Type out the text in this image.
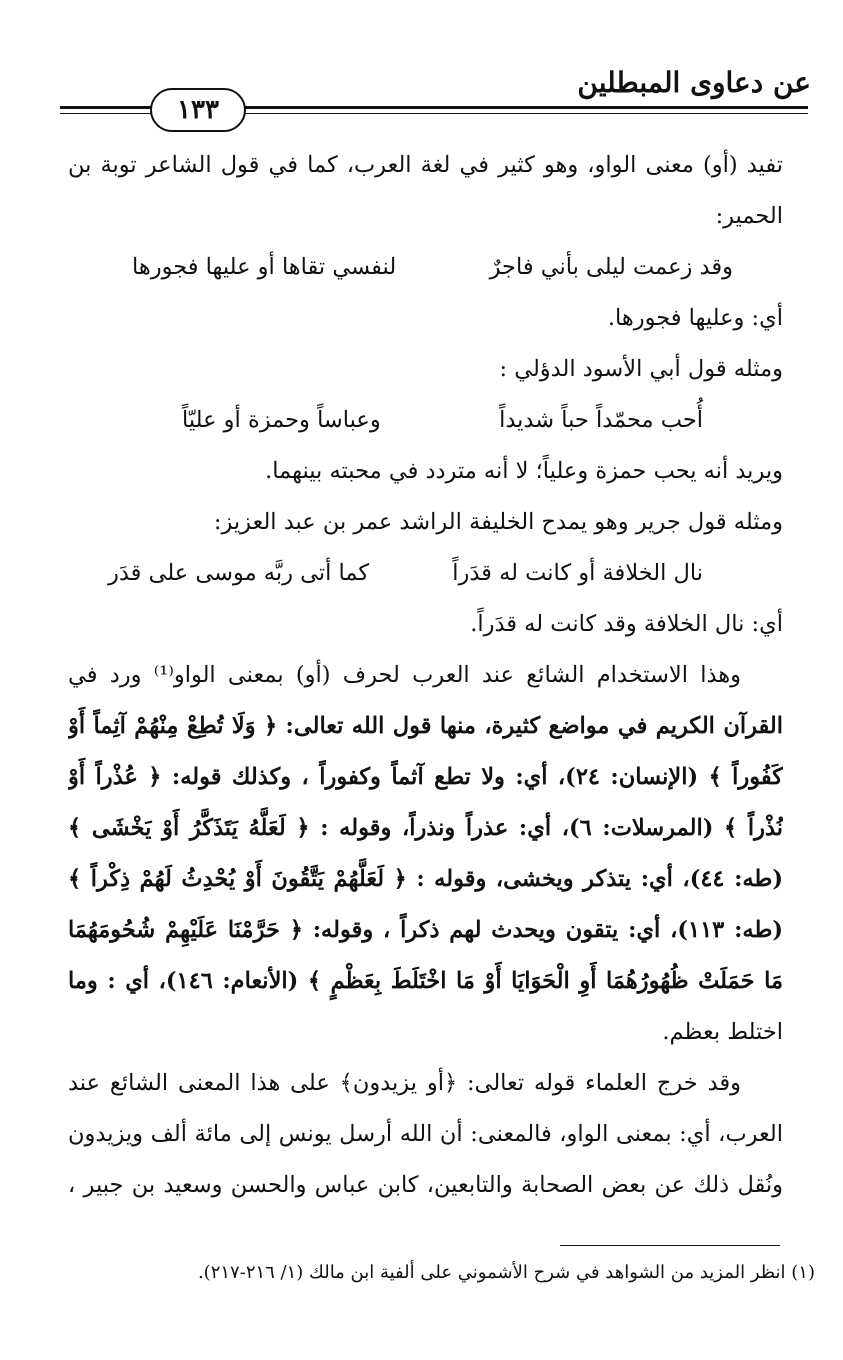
عن دعاوى المبطلين
١٣٣
تفيد (أو) معنى الواو، وهو كثير في لغة العرب، كما في قول الشاعر توبة بن
الحمير:
وقد زعمت ليلى بأني فاجرٌ
لنفسي تقاها أو عليها فجورها
أي: وعليها فجورها.
ومثله قول أبي الأسود الدؤلي :
أُحب محمّداً حباً شديداً
وعباساً وحمزة أو عليّاً
ويريد أنه يحب حمزة وعلياً؛ لا أنه متردد في محبته بينهما.
ومثله قول جرير وهو يمدح الخليفة الراشد عمر بن عبد العزيز:
نال الخلافة أو كانت له قدَراً
كما أتى ربَّه موسى على قدَر
أي: نال الخلافة وقد كانت له قدَراً.
وهذا الاستخدام الشائع عند العرب لحرف (أو) بمعنى الواو⁽¹⁾ ورد في
القرآن الكريم في مواضع كثيرة، منها قول الله تعالى: ﴿ وَلَا تُطِعْ مِنْهُمْ آثِماً أَوْ
كَفُوراً ﴾ (الإنسان: ٢٤)، أي: ولا تطع آثماً وكفوراً ، وكذلك قوله: ﴿ عُذْراً أَوْ
نُذْراً ﴾ (المرسلات: ٦)، أي: عذراً ونذراً، وقوله : ﴿ لَعَلَّهُ يَتَذَكَّرُ أَوْ يَخْشَى ﴾
(طه: ٤٤)، أي: يتذكر ويخشى، وقوله : ﴿ لَعَلَّهُمْ يَتَّقُونَ أَوْ يُحْدِثُ لَهُمْ ذِكْراً ﴾
(طه: ١١٣)، أي: يتقون ويحدث لهم ذكراً ، وقوله: ﴿ حَرَّمْنَا عَلَيْهِمْ شُحُومَهُمَا
مَا حَمَلَتْ ظُهُورُهُمَا أَوِ الْحَوَايَا أَوْ مَا اخْتَلَطَ بِعَظْمٍ ﴾ (الأنعام: ١٤٦)، أي : وما
اختلط بعظم.
وقد خرج العلماء قوله تعالى: ﴿أو يزيدون﴾ على هذا المعنى الشائع عند
العرب، أي: بمعنى الواو، فالمعنى: أن الله أرسل يونس إلى مائة ألف ويزيدون
ونُقل ذلك عن بعض الصحابة والتابعين، كابن عباس والحسن وسعيد بن جبير ،
(١) انظر المزيد من الشواهد في شرح الأشموني على ألفية ابن مالك (١/ ٢١٦-٢١٧).
